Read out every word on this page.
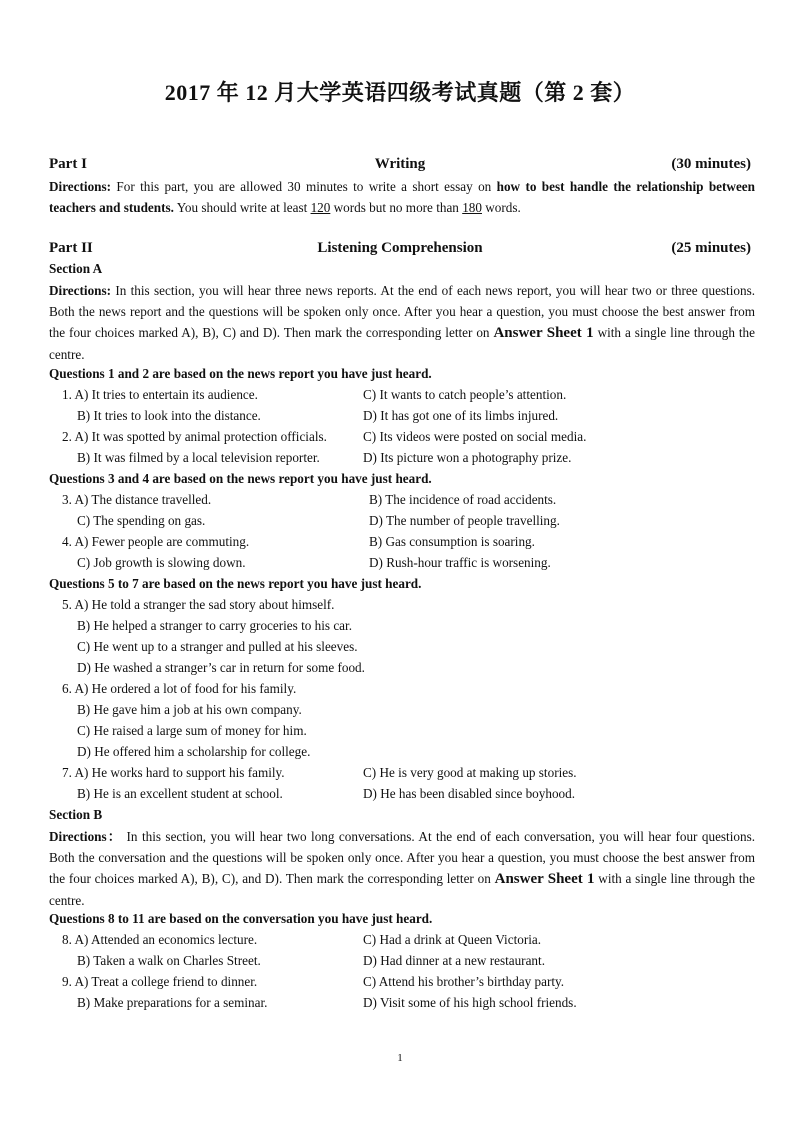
2017 年 12 月大学英语四级考试真题（第 2 套）
Writing
Part I	(30 minutes)
Directions: For this part, you are allowed 30 minutes to write a short essay on how to best handle the relationship between teachers and students. You should write at least 120 words but no more than 180 words.
Listening Comprehension
Part II	(25 minutes)
Section A
Directions: In this section, you will hear three news reports. At the end of each news report, you will hear two or three questions. Both the news report and the questions will be spoken only once. After you hear a question, you must choose the best answer from the four choices marked A), B), C) and D). Then mark the corresponding letter on Answer Sheet 1 with a single line through the centre.
Questions 1 and 2 are based on the news report you have just heard.
1. A) It tries to entertain its audience.	C) It wants to catch people’s attention.
B) It tries to look into the distance.	D) It has got one of its limbs injured.
2. A) It was spotted by animal protection officials.	C) Its videos were posted on social media.
B) It was filmed by a local television reporter.	D) Its picture won a photography prize.
Questions 3 and 4 are based on the news report you have just heard.
3. A) The distance travelled.	B) The incidence of road accidents.
C) The spending on gas.	D) The number of people travelling.
4. A) Fewer people are commuting.	B) Gas consumption is soaring.
C) Job growth is slowing down.	D) Rush-hour traffic is worsening.
Questions 5 to 7 are based on the news report you have just heard.
5. A) He told a stranger the sad story about himself.
B) He helped a stranger to carry groceries to his car.
C) He went up to a stranger and pulled at his sleeves.
D) He washed a stranger’s car in return for some food.
6. A) He ordered a lot of food for his family.
B) He gave him a job at his own company.
C) He raised a large sum of money for him.
D) He offered him a scholarship for college.
7. A) He works hard to support his family.	C) He is very good at making up stories.
B) He is an excellent student at school.	D) He has been disabled since boyhood.
Section B
Directions： In this section, you will hear two long conversations. At the end of each conversation, you will hear four questions. Both the conversation and the questions will be spoken only once. After you hear a question, you must choose the best answer from the four choices marked A), B), C), and D). Then mark the corresponding letter on Answer Sheet 1 with a single line through the centre.
Questions 8 to 11 are based on the conversation you have just heard.
8. A) Attended an economics lecture.	C) Had a drink at Queen Victoria.
B) Taken a walk on Charles Street.	D) Had dinner at a new restaurant.
9. A) Treat a college friend to dinner.	C) Attend his brother’s birthday party.
B) Make preparations for a seminar.	D) Visit some of his high school friends.
1
